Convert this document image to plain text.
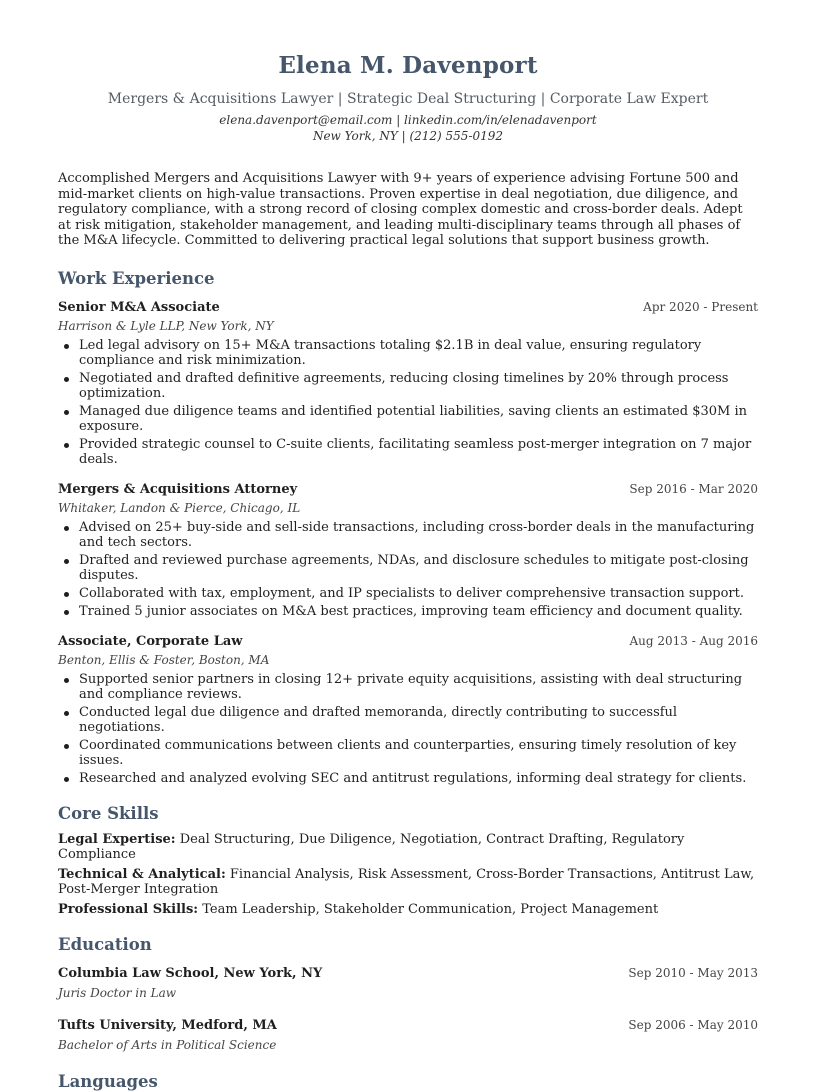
Elena M. Davenport
Mergers & Acquisitions Lawyer | Strategic Deal Structuring | Corporate Law Expert
elena.davenport@email.com | linkedin.com/in/elenadavenport
New York, NY | (212) 555-0192

Accomplished Mergers and Acquisitions Lawyer with 9+ years of experience advising Fortune 500 and mid-market clients on high-value transactions. Proven expertise in deal negotiation, due diligence, and regulatory compliance, with a strong record of closing complex domestic and cross-border deals. Adept at risk mitigation, stakeholder management, and leading multi-disciplinary teams through all phases of the M&A lifecycle. Committed to delivering practical legal solutions that support business growth.

Work Experience
Senior M&A Associate	Apr 2020 - Present
Harrison & Lyle LLP, New York, NY
Led legal advisory on 15+ M&A transactions totaling $2.1B in deal value, ensuring regulatory compliance and risk minimization.
Negotiated and drafted definitive agreements, reducing closing timelines by 20% through process optimization.
Managed due diligence teams and identified potential liabilities, saving clients an estimated $30M in exposure.
Provided strategic counsel to C-suite clients, facilitating seamless post-merger integration on 7 major deals.
Mergers & Acquisitions Attorney	Sep 2016 - Mar 2020
Whitaker, Landon & Pierce, Chicago, IL
Advised on 25+ buy-side and sell-side transactions, including cross-border deals in the manufacturing and tech sectors.
Drafted and reviewed purchase agreements, NDAs, and disclosure schedules to mitigate post-closing disputes.
Collaborated with tax, employment, and IP specialists to deliver comprehensive transaction support.
Trained 5 junior associates on M&A best practices, improving team efficiency and document quality.
Associate, Corporate Law	Aug 2013 - Aug 2016
Benton, Ellis & Foster, Boston, MA
Supported senior partners in closing 12+ private equity acquisitions, assisting with deal structuring and compliance reviews.
Conducted legal due diligence and drafted memoranda, directly contributing to successful negotiations.
Coordinated communications between clients and counterparties, ensuring timely resolution of key issues.
Researched and analyzed evolving SEC and antitrust regulations, informing deal strategy for clients.
Core Skills
Legal Expertise: Deal Structuring, Due Diligence, Negotiation, Contract Drafting, Regulatory Compliance
Technical & Analytical: Financial Analysis, Risk Assessment, Cross-Border Transactions, Antitrust Law, Post-Merger Integration
Professional Skills: Team Leadership, Stakeholder Communication, Project Management
Education
Columbia Law School, New York, NY	Sep 2010 - May 2013
Juris Doctor in Law
Tufts University, Medford, MA	Sep 2006 - May 2010
Bachelor of Arts in Political Science
Languages
